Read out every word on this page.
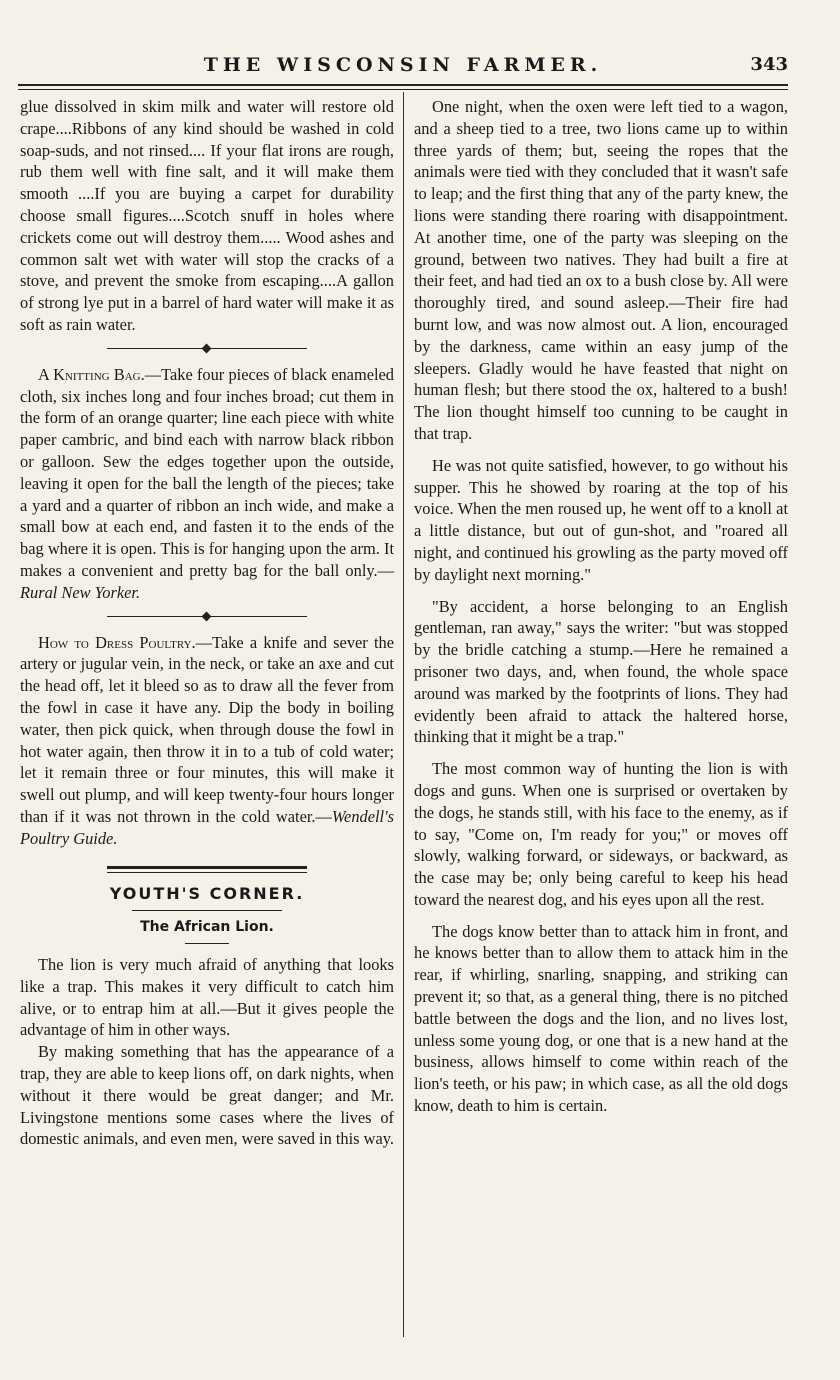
THE WISCONSIN FARMER.	343

glue dissolved in skim milk and water will restore old crape....Ribbons of any kind should be washed in cold soap-suds, and not rinsed.... If your flat irons are rough, rub them well with fine salt, and it will make them smooth ....If you are buying a carpet for durability choose small figures....Scotch snuff in holes where crickets come out will destroy them..... Wood ashes and common salt wet with water will stop the cracks of a stove, and prevent the smoke from escaping....A gallon of strong lye put in a barrel of hard water will make it as soft as rain water.

A Knitting Bag.—Take four pieces of black enameled cloth, six inches long and four inches broad; cut them in the form of an orange quarter; line each piece with white paper cambric, and bind each with narrow black ribbon or galloon. Sew the edges together upon the outside, leaving it open for the ball the length of the pieces; take a yard and a quarter of ribbon an inch wide, and make a small bow at each end, and fasten it to the ends of the bag where it is open. This is for hanging upon the arm. It makes a convenient and pretty bag for the ball only.—Rural New Yorker.

How to Dress Poultry.—Take a knife and sever the artery or jugular vein, in the neck, or take an axe and cut the head off, let it bleed so as to draw all the fever from the fowl in case it have any. Dip the body in boiling water, then pick quick, when through douse the fowl in hot water again, then throw it in to a tub of cold water; let it remain three or four minutes, this will make it swell out plump, and will keep twenty-four hours longer than if it was not thrown in the cold water.—Wendell's Poultry Guide.

YOUTH'S CORNER.
The African Lion.

The lion is very much afraid of anything that looks like a trap. This makes it very difficult to catch him alive, or to entrap him at all.—But it gives people the advantage of him in other ways.

By making something that has the appearance of a trap, they are able to keep lions off, on dark nights, when without it there would be great danger; and Mr. Livingstone mentions some cases where the lives of domestic animals, and even men, were saved in this way.

One night, when the oxen were left tied to a wagon, and a sheep tied to a tree, two lions came up to within three yards of them; but, seeing the ropes that the animals were tied with they concluded that it wasn't safe to leap; and the first thing that any of the party knew, the lions were standing there roaring with disappointment. At another time, one of the party was sleeping on the ground, between two natives. They had built a fire at their feet, and had tied an ox to a bush close by. All were thoroughly tired, and sound asleep.—Their fire had burnt low, and was now almost out. A lion, encouraged by the darkness, came within an easy jump of the sleepers. Gladly would he have feasted that night on human flesh; but there stood the ox, haltered to a bush! The lion thought himself too cunning to be caught in that trap.

He was not quite satisfied, however, to go without his supper. This he showed by roaring at the top of his voice. When the men roused up, he went off to a knoll at a little distance, but out of gun-shot, and "roared all night, and continued his growling as the party moved off by daylight next morning."

"By accident, a horse belonging to an English gentleman, ran away," says the writer: "but was stopped by the bridle catching a stump.—Here he remained a prisoner two days, and, when found, the whole space around was marked by the footprints of lions. They had evidently been afraid to attack the haltered horse, thinking that it might be a trap."

The most common way of hunting the lion is with dogs and guns. When one is surprised or overtaken by the dogs, he stands still, with his face to the enemy, as if to say, "Come on, I'm ready for you;" or moves off slowly, walking forward, or sideways, or backward, as the case may be; only being careful to keep his head toward the nearest dog, and his eyes upon all the rest.

The dogs know better than to attack him in front, and he knows better than to allow them to attack him in the rear, if whirling, snarling, snapping, and striking can prevent it; so that, as a general thing, there is no pitched battle between the dogs and the lion, and no lives lost, unless some young dog, or one that is a new hand at the business, allows himself to come within reach of the lion's teeth, or his paw; in which case, as all the old dogs know, death to him is certain.
